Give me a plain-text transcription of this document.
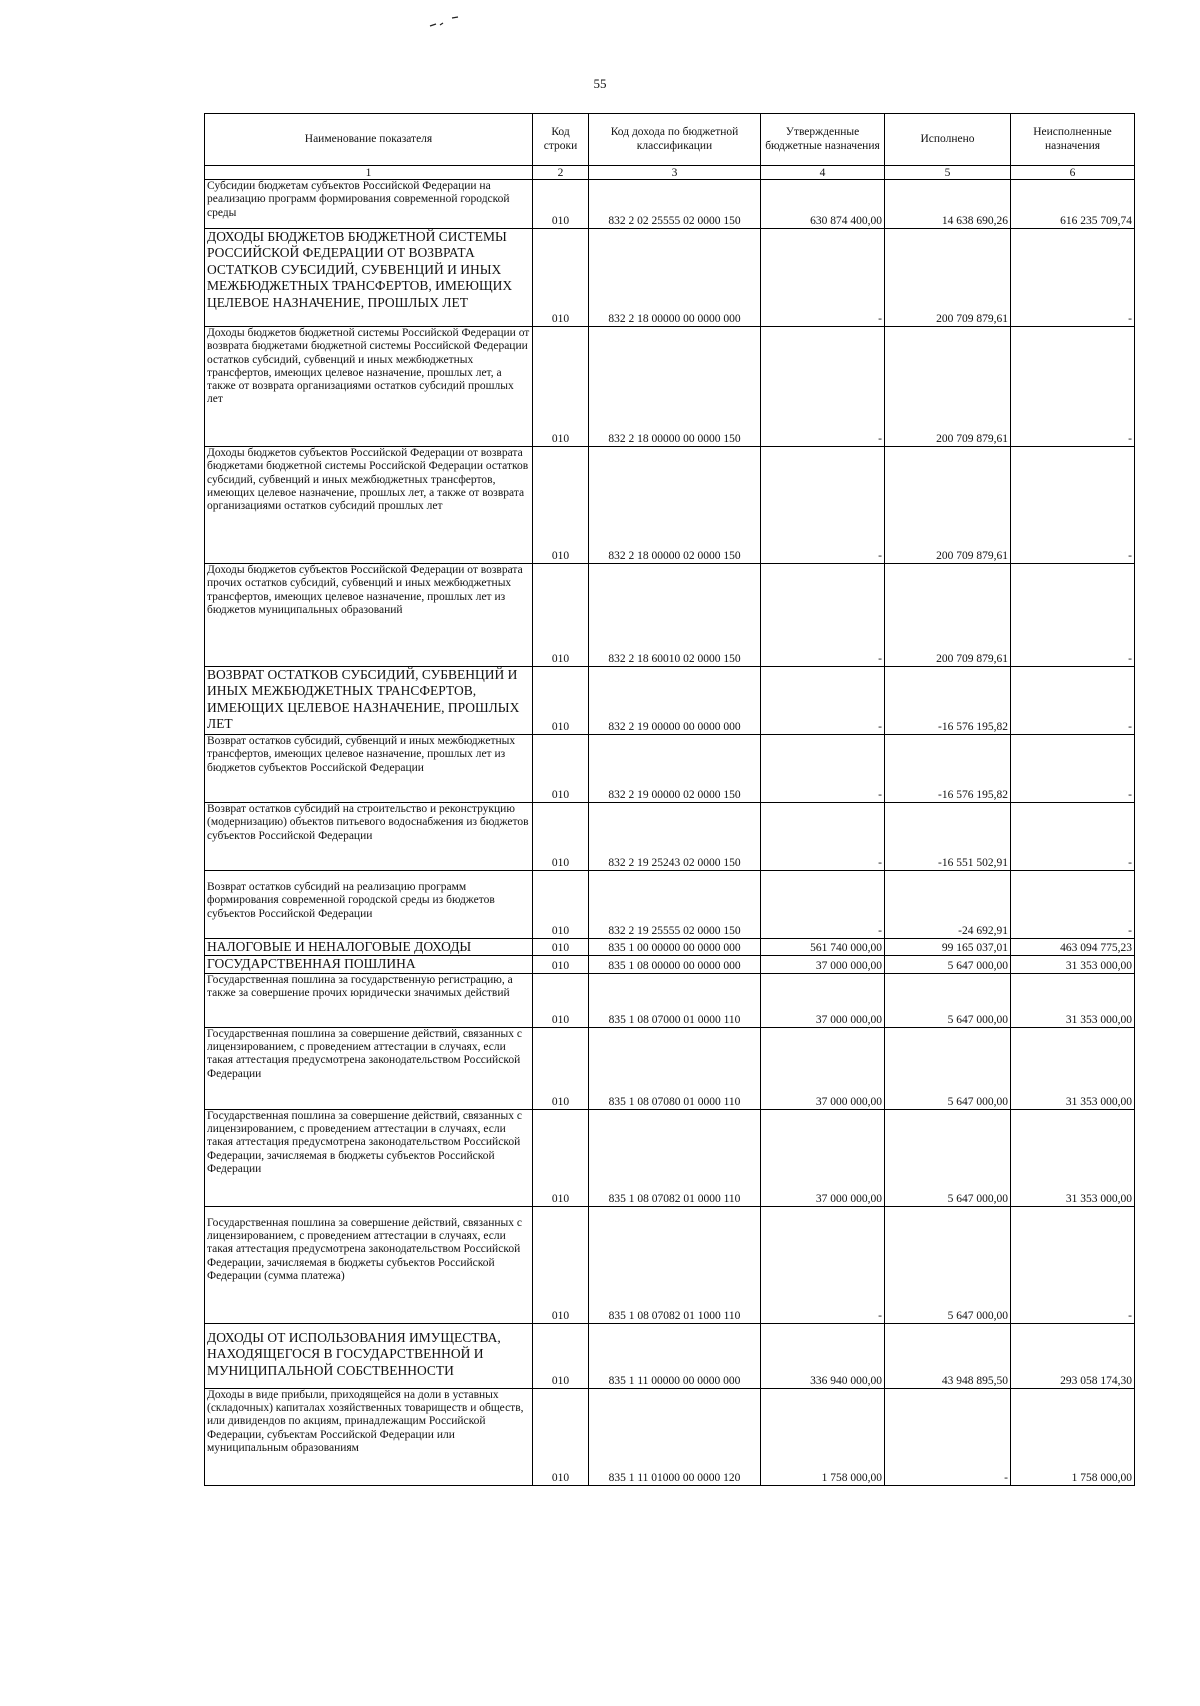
55
Наименование показателя	Код строки	Код дохода по бюджетной классификации	Утвержденные бюджетные назначения	Исполнено	Неисполненные назначения
1	2	3	4	5	6
Субсидии бюджетам субъектов Российской Федерации на реализацию программ формирования современной городской среды	010	832 2 02 25555 02 0000 150	630 874 400,00	14 638 690,26	616 235 709,74
ДОХОДЫ БЮДЖЕТОВ БЮДЖЕТНОЙ СИСТЕМЫ РОССИЙСКОЙ ФЕДЕРАЦИИ ОТ ВОЗВРАТА ОСТАТКОВ СУБСИДИЙ, СУБВЕНЦИЙ И ИНЫХ МЕЖБЮДЖЕТНЫХ ТРАНСФЕРТОВ, ИМЕЮЩИХ ЦЕЛЕВОЕ НАЗНАЧЕНИЕ, ПРОШЛЫХ ЛЕТ	010	832 2 18 00000 00 0000 000	-	200 709 879,61	-
Доходы бюджетов бюджетной системы Российской Федерации от возврата бюджетами бюджетной системы Российской Федерации остатков субсидий, субвенций и иных межбюджетных трансфертов, имеющих целевое назначение, прошлых лет, а также от возврата организациями остатков субсидий прошлых лет	010	832 2 18 00000 00 0000 150	-	200 709 879,61	-
Доходы бюджетов субъектов Российской Федерации от возврата бюджетами бюджетной системы Российской Федерации остатков субсидий, субвенций и иных межбюджетных трансфертов, имеющих целевое назначение, прошлых лет, а также от возврата организациями остатков субсидий прошлых лет	010	832 2 18 00000 02 0000 150	-	200 709 879,61	-
Доходы бюджетов субъектов Российской Федерации от возврата прочих остатков субсидий, субвенций и иных межбюджетных трансфертов, имеющих целевое назначение, прошлых лет из бюджетов муниципальных образований	010	832 2 18 60010 02 0000 150	-	200 709 879,61	-
ВОЗВРАТ ОСТАТКОВ СУБСИДИЙ, СУБВЕНЦИЙ И ИНЫХ МЕЖБЮДЖЕТНЫХ ТРАНСФЕРТОВ, ИМЕЮЩИХ ЦЕЛЕВОЕ НАЗНАЧЕНИЕ, ПРОШЛЫХ ЛЕТ	010	832 2 19 00000 00 0000 000	-	-16 576 195,82	-
Возврат остатков субсидий, субвенций и иных межбюджетных трансфертов, имеющих целевое назначение, прошлых лет из бюджетов субъектов Российской Федерации	010	832 2 19 00000 02 0000 150	-	-16 576 195,82	-
Возврат остатков субсидий на строительство и реконструкцию (модернизацию) объектов питьевого водоснабжения из бюджетов субъектов Российской Федерации	010	832 2 19 25243 02 0000 150	-	-16 551 502,91	-
Возврат остатков субсидий на реализацию программ формирования современной городской среды из бюджетов субъектов Российской Федерации	010	832 2 19 25555 02 0000 150	-	-24 692,91	-
НАЛОГОВЫЕ И НЕНАЛОГОВЫЕ ДОХОДЫ	010	835 1 00 00000 00 0000 000	561 740 000,00	99 165 037,01	463 094 775,23
ГОСУДАРСТВЕННАЯ ПОШЛИНА	010	835 1 08 00000 00 0000 000	37 000 000,00	5 647 000,00	31 353 000,00
Государственная пошлина за государственную регистрацию, а также за совершение прочих юридически значимых действий	010	835 1 08 07000 01 0000 110	37 000 000,00	5 647 000,00	31 353 000,00
Государственная пошлина за совершение действий, связанных с лицензированием, с проведением аттестации в случаях, если такая аттестация предусмотрена законодательством Российской Федерации	010	835 1 08 07080 01 0000 110	37 000 000,00	5 647 000,00	31 353 000,00
Государственная пошлина за совершение действий, связанных с лицензированием, с проведением аттестации в случаях, если такая аттестация предусмотрена законодательством Российской Федерации, зачисляемая в бюджеты субъектов Российской Федерации	010	835 1 08 07082 01 0000 110	37 000 000,00	5 647 000,00	31 353 000,00
Государственная пошлина за совершение действий, связанных с лицензированием, с проведением аттестации в случаях, если такая аттестация предусмотрена законодательством Российской Федерации, зачисляемая в бюджеты субъектов Российской Федерации (сумма платежа)	010	835 1 08 07082 01 1000 110	-	5 647 000,00	-
ДОХОДЫ ОТ ИСПОЛЬЗОВАНИЯ ИМУЩЕСТВА, НАХОДЯЩЕГОСЯ В ГОСУДАРСТВЕННОЙ И МУНИЦИПАЛЬНОЙ СОБСТВЕННОСТИ	010	835 1 11 00000 00 0000 000	336 940 000,00	43 948 895,50	293 058 174,30
Доходы в виде прибыли, приходящейся на доли в уставных (складочных) капиталах хозяйственных товариществ и обществ, или дивидендов по акциям, принадлежащим Российской Федерации, субъектам Российской Федерации или муниципальным образованиям	010	835 1 11 01000 00 0000 120	1 758 000,00	-	1 758 000,00
